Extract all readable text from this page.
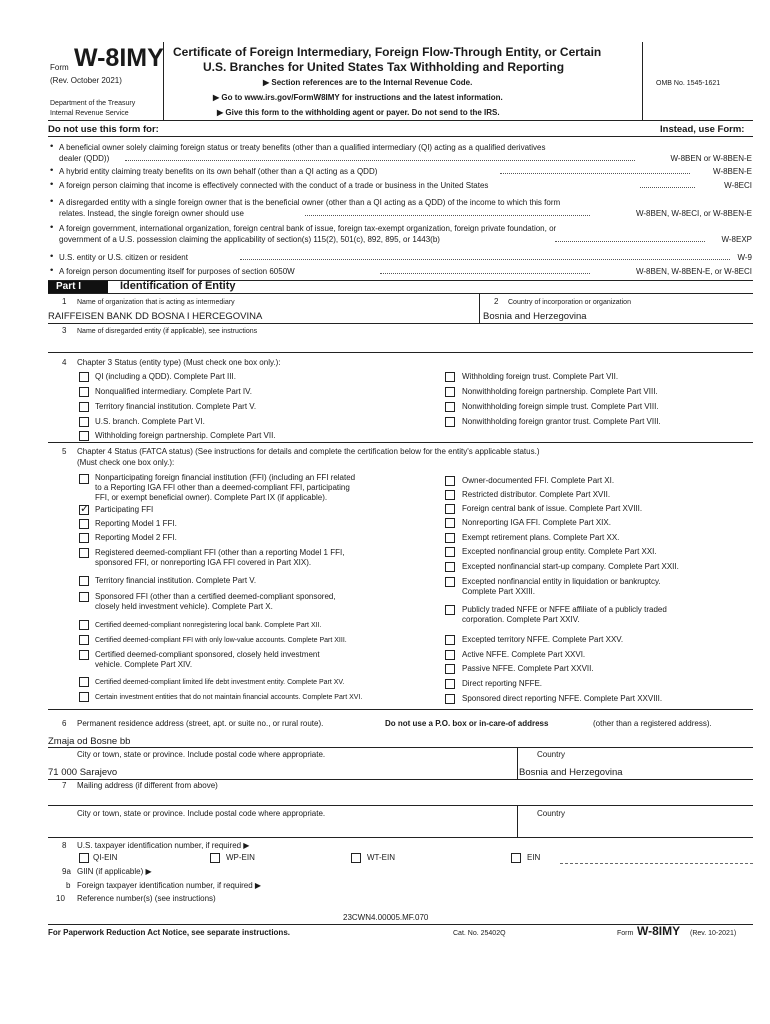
Form W-8IMY
(Rev. October 2021)
Department of the Treasury
Internal Revenue Service
Certificate of Foreign Intermediary, Foreign Flow-Through Entity, or Certain
U.S. Branches for United States Tax Withholding and Reporting
▶ Section references are to the Internal Revenue Code.
▶ Go to www.irs.gov/FormW8IMY for instructions and the latest information.
▶ Give this form to the withholding agent or payer. Do not send to the IRS.
OMB No. 1545-1621
Do not use this form for:	Instead, use Form:
• A beneficial owner solely claiming foreign status or treaty benefits (other than a qualified intermediary (QI) acting as a qualified derivatives
dealer (QDD))	W-8BEN or W-8BEN-E
• A hybrid entity claiming treaty benefits on its own behalf (other than a QI acting as a QDD)	W-8BEN-E
• A foreign person claiming that income is effectively connected with the conduct of a trade or business in the United States	W-8ECI
• A disregarded entity with a single foreign owner that is the beneficial owner (other than a QI acting as a QDD) of the income to which this form
relates. Instead, the single foreign owner should use	W-8BEN, W-8ECI, or W-8BEN-E
• A foreign government, international organization, foreign central bank of issue, foreign tax-exempt organization, foreign private foundation, or
government of a U.S. possession claiming the applicability of section(s) 115(2), 501(c), 892, 895, or 1443(b)	W-8EXP
• U.S. entity or U.S. citizen or resident	W-9
• A foreign person documenting itself for purposes of section 6050W	W-8BEN, W-8BEN-E, or W-8ECI
Part I	Identification of Entity
1 Name of organization that is acting as intermediary	2 Country of incorporation or organization
RAIFFEISEN BANK DD BOSNA I HERCEGOVINA	Bosnia and Herzegovina
3 Name of disregarded entity (if applicable), see instructions
4 Chapter 3 Status (entity type) (Must check one box only.):
QI (including a QDD). Complete Part III.
Nonqualified intermediary. Complete Part IV.
Territory financial institution. Complete Part V.
U.S. branch. Complete Part VI.
Withholding foreign partnership. Complete Part VII.
Withholding foreign trust. Complete Part VII.
Nonwithholding foreign partnership. Complete Part VIII.
Nonwithholding foreign simple trust. Complete Part VIII.
Nonwithholding foreign grantor trust. Complete Part VIII.
5 Chapter 4 Status (FATCA status) (See instructions for details and complete the certification below for the entity's applicable status.)
(Must check one box only.):
Nonparticipating foreign financial institution (FFI) (including an FFI related
to a Reporting IGA FFI other than a deemed-compliant FFI, participating
FFI, or exempt beneficial owner). Complete Part IX (if applicable).
✓
Participating FFI
Reporting Model 1 FFI.
Reporting Model 2 FFI.
Registered deemed-compliant FFI (other than a reporting Model 1 FFI,
sponsored FFI, or nonreporting IGA FFI covered in Part XIX).
Territory financial institution. Complete Part V.
Sponsored FFI (other than a certified deemed-compliant sponsored,
closely held investment vehicle). Complete Part X.
Certified deemed-compliant nonregistering local bank. Complete Part XII.
Certified deemed-compliant FFI with only low-value accounts. Complete Part XIII.
Certified deemed-compliant sponsored, closely held investment
vehicle. Complete Part XIV.
Certified deemed-compliant limited life debt investment entity. Complete Part XV.
Certain investment entities that do not maintain financial accounts. Complete Part XVI.
Owner-documented FFI. Complete Part XI.
Restricted distributor. Complete Part XVII.
Foreign central bank of issue. Complete Part XVIII.
Nonreporting IGA FFI. Complete Part XIX.
Exempt retirement plans. Complete Part XX.
Excepted nonfinancial group entity. Complete Part XXI.
Excepted nonfinancial start-up company. Complete Part XXII.
Excepted nonfinancial entity in liquidation or bankruptcy.
Complete Part XXIII.
Publicly traded NFFE or NFFE affiliate of a publicly traded
corporation. Complete Part XXIV.
Excepted territory NFFE. Complete Part XXV.
Active NFFE. Complete Part XXVI.
Passive NFFE. Complete Part XXVII.
Direct reporting NFFE.
Sponsored direct reporting NFFE. Complete Part XXVIII.
6 Permanent residence address (street, apt. or suite no., or rural route).	Do not use a P.O. box or in-care-of address	(other than a registered address).
Zmaja od Bosne bb
City or town, state or province. Include postal code where appropriate.	Country
71 000 Sarajevo	Bosnia and Herzegovina
7 Mailing address (if different from above)
City or town, state or province. Include postal code where appropriate.	Country
8 U.S. taxpayer identification number, if required ▶
QI-EIN	WP-EIN	WT-EIN	EIN
9a GIIN (if applicable) ▶
b Foreign taxpayer identification number, if required ▶
10 Reference number(s) (see instructions)
23CWN4.00005.MF.070
For Paperwork Reduction Act Notice, see separate instructions.	Cat. No. 25402Q	Form W-8IMY (Rev. 10-2021)
